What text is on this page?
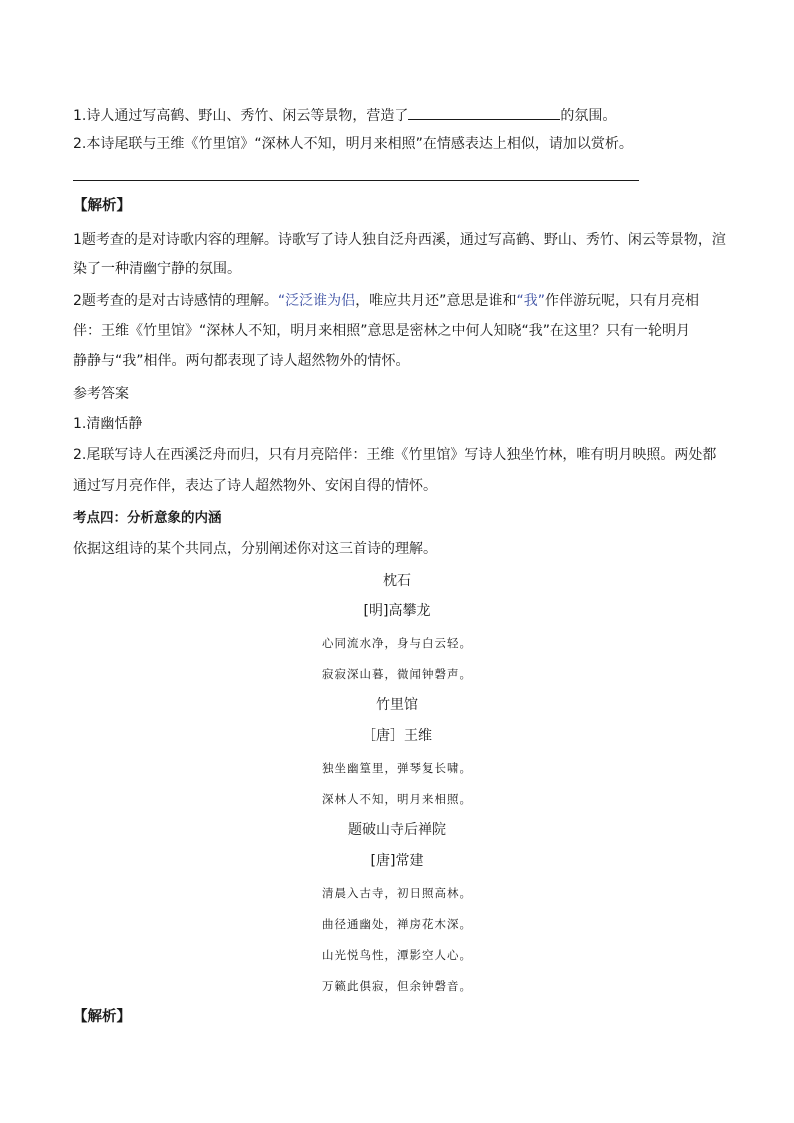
1.诗人通过写高鹤、野山、秀竹、闲云等景物，营造了	的氛围。
2.本诗尾联与王维《竹里馆》“深林人不知，明月来相照”在情感表达上相似，请加以赏析。
【解析】
1题考查的是对诗歌内容的理解。诗歌写了诗人独自泛舟西溪，通过写高鹤、野山、秀竹、闲云等景物，渲
染了一种清幽宁静的氛围。
2题考查的是对古诗感情的理解。“泛泛谁为侣，唯应共月还”意思是谁和“我”作伴游玩呢，只有月亮相
伴：王维《竹里馆》“深林人不知，明月来相照”意思是密林之中何人知晓“我”在这里？只有一轮明月
静静与“我”相伴。两句都表现了诗人超然物外的情怀。
参考答案
1.清幽恬静
2.尾联写诗人在西溪泛舟而归，只有月亮陪伴：王维《竹里馆》写诗人独坐竹林，唯有明月映照。两处都
通过写月亮作伴，表达了诗人超然物外、安闲自得的情怀。
考点四：分析意象的内涵
依据这组诗的某个共同点，分别阐述你对这三首诗的理解。
枕石
[明]高攀龙
心同流水净，身与白云轻。
寂寂深山暮，微闻钟磬声。
竹里馆
［唐］王维
独坐幽篁里，弹琴复长啸。
深林人不知，明月来相照。
题破山寺后禅院
[唐]常建
清晨入古寺，初日照高林。
曲径通幽处，禅房花木深。
山光悦鸟性，潭影空人心。
万籁此俱寂，但余钟磬音。
【解析】
